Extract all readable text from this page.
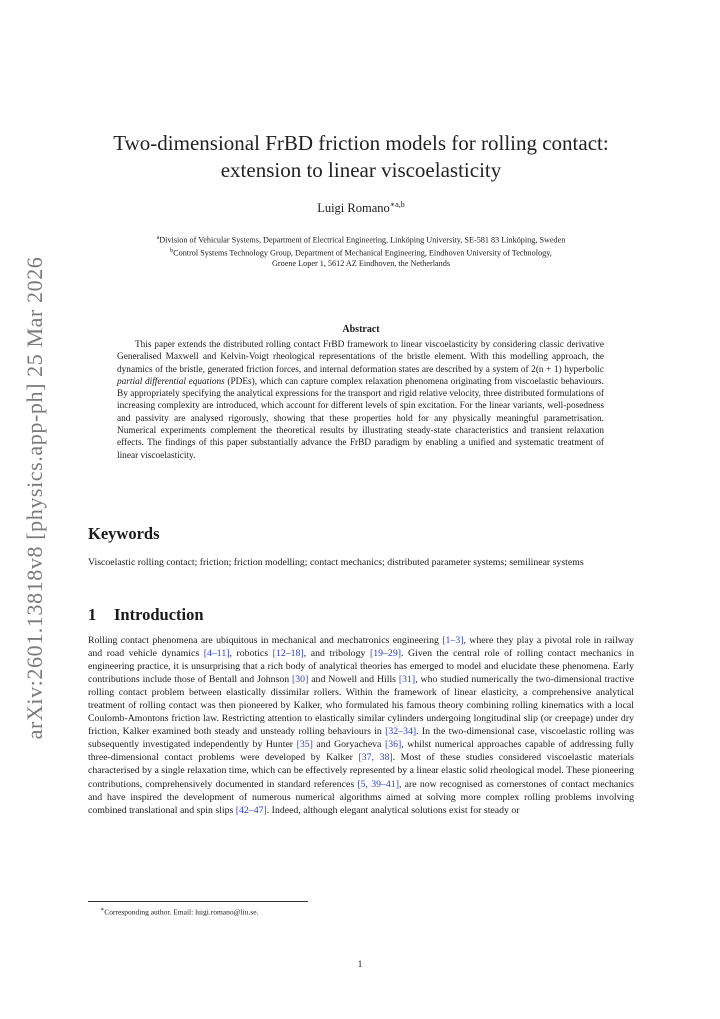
arXiv:2601.13818v8 [physics.app-ph] 25 Mar 2026
Two-dimensional FrBD friction models for rolling contact:
extension to linear viscoelasticity
Luigi Romano$^{∗a,b}$
$^a$Division of Vehicular Systems, Department of Electrical Engineering, Linköping University, SE-581 83 Linköping, Sweden
$^b$Control Systems Technology Group, Department of Mechanical Engineering, Eindhoven University of Technology,
Groene Loper 1, 5612 AZ Eindhoven, the Netherlands
Abstract
This paper extends the distributed rolling contact FrBD framework to linear viscoelasticity by considering classic derivative Generalised Maxwell and Kelvin-Voigt rheological representations of the bristle element. With this modelling approach, the dynamics of the bristle, generated friction forces, and internal deformation states are described by a system of 2(n + 1) hyperbolic partial differential equations (PDEs), which can capture complex relaxation phenomena originating from viscoelastic behaviours. By appropriately specifying the analytical expressions for the transport and rigid relative velocity, three distributed formulations of increasing complexity are introduced, which account for different levels of spin excitation. For the linear variants, well-posedness and passivity are analysed rigorously, showing that these properties hold for any physically meaningful parametrisation. Numerical experiments complement the theoretical results by illustrating steady-state characteristics and transient relaxation effects. The findings of this paper substantially advance the FrBD paradigm by enabling a unified and systematic treatment of linear viscoelasticity.
Keywords
Viscoelastic rolling contact; friction; friction modelling; contact mechanics; distributed parameter systems; semilinear systems
1 Introduction
Rolling contact phenomena are ubiquitous in mechanical and mechatronics engineering [1–3], where they play a pivotal role in railway and road vehicle dynamics [4–11], robotics [12–18], and tribology [19–29]. Given the central role of rolling contact mechanics in engineering practice, it is unsurprising that a rich body of analytical theories has emerged to model and elucidate these phenomena. Early contributions include those of Bentall and Johnson [30] and Nowell and Hills [31], who studied numerically the two-dimensional tractive rolling contact problem between elastically dissimilar rollers. Within the framework of linear elasticity, a comprehensive analytical treatment of rolling contact was then pioneered by Kalker, who formulated his famous theory combining rolling kinematics with a local Coulomb-Amontons friction law. Restricting attention to elastically similar cylinders undergoing longitudinal slip (or creepage) under dry friction, Kalker examined both steady and unsteady rolling behaviours in [32–34]. In the two-dimensional case, viscoelastic rolling was subsequently investigated independently by Hunter [35] and Goryacheva [36], whilst numerical approaches capable of addressing fully three-dimensional contact problems were developed by Kalker [37, 38]. Most of these studies considered viscoelastic materials characterised by a single relaxation time, which can be effectively represented by a linear elastic solid rheological model. These pioneering contributions, comprehensively documented in standard references [5, 39–41], are now recognised as cornerstones of contact mechanics and have inspired the development of numerous numerical algorithms aimed at solving more complex rolling problems involving combined translational and spin slips [42–47]. Indeed, although elegant analytical solutions exist for steady or
∗Corresponding author. Email: luigi.romano@liu.se.
1
